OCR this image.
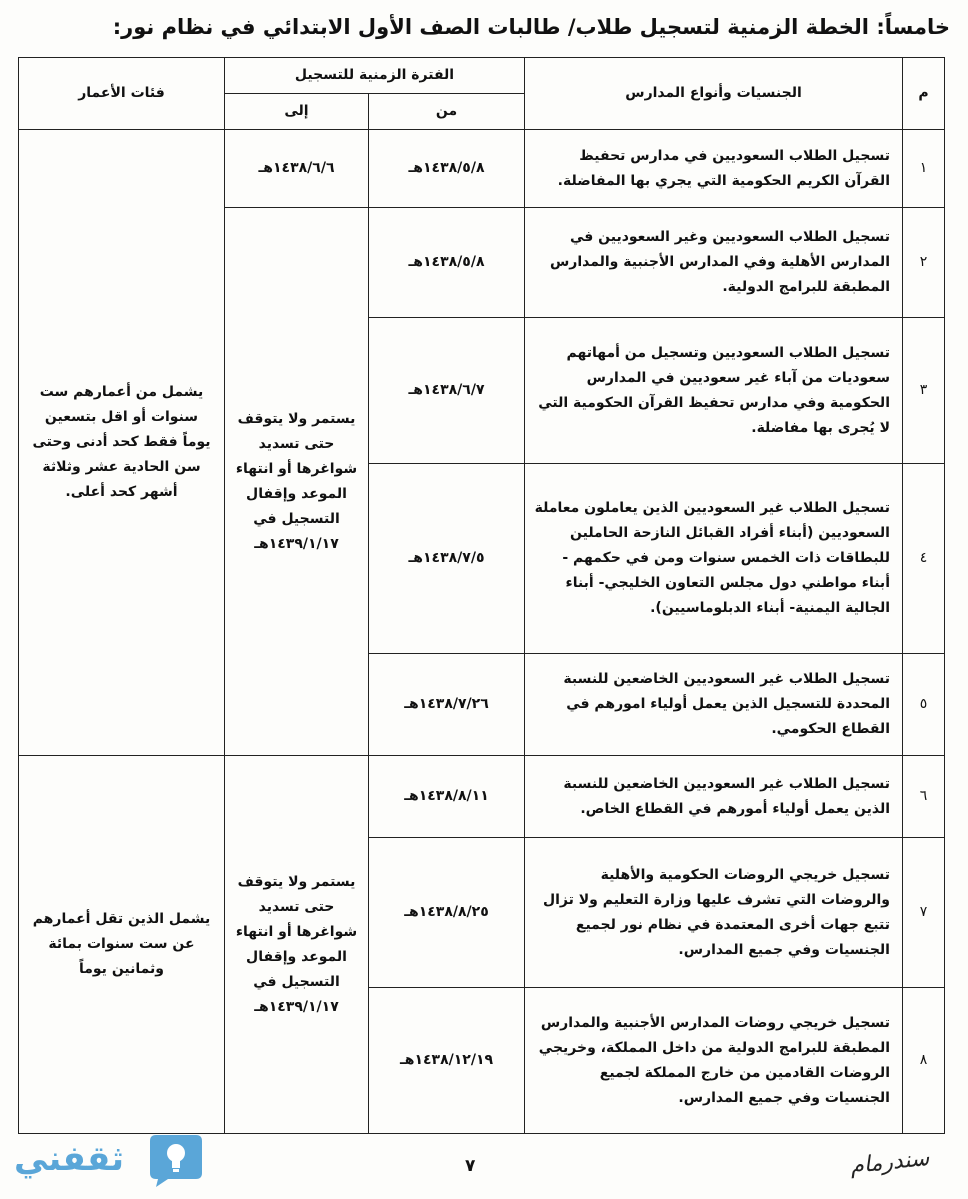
خامساً: الخطة الزمنية لتسجيل طلاب/ طالبات الصف الأول الابتدائي في نظام نور:
م	الجنسيات وأنواع المدارس	الفترة الزمنية للتسجيل		فئات الأعمار
		من	إلى	
١	تسجيل الطلاب السعوديين في مدارس تحفيظ القرآن الكريم الحكومية التي يجري بها المفاضلة.	١٤٣٨/٥/٨هـ	١٤٣٨/٦/٦هـ	يشمل من أعمارهم ست سنوات أو اقل بتسعين يوماً فقط كحد أدنى وحتى سن الحادية عشر وثلاثة أشهر كحد أعلى.
٢	تسجيل الطلاب السعوديين وغير السعوديين في المدارس الأهلية وفي المدارس الأجنبية والمدارس المطبقة للبرامج الدولية.	١٤٣٨/٥/٨هـ	يستمر ولا يتوقف حتى تسديد شواغرها أو انتهاء الموعد وإقفال التسجيل في ١٤٣٩/١/١٧هـ	
٣	تسجيل الطلاب السعوديين وتسجيل من أمهاتهم سعوديات من آباء غير سعوديين في المدارس الحكومية وفي مدارس تحفيظ القرآن الحكومية التي لا يُجرى بها مفاضلة.	١٤٣٨/٦/٧هـ		
٤	تسجيل الطلاب غير السعوديين الذين يعاملون معاملة السعوديين (أبناء أفراد القبائل النازحة الحاملين للبطاقات ذات الخمس سنوات ومن في حكمهم - أبناء مواطني دول مجلس التعاون الخليجي- أبناء الجالية اليمنية- أبناء الدبلوماسيين).	١٤٣٨/٧/٥هـ		
٥	تسجيل الطلاب غير السعوديين الخاضعين للنسبة المحددة للتسجيل الذين يعمل أولياء امورهم في القطاع الحكومي.	١٤٣٨/٧/٢٦هـ		
٦	تسجيل الطلاب غير السعوديين الخاضعين للنسبة الذين يعمل أولياء أمورهم في القطاع الخاص.	١٤٣٨/٨/١١هـ	يستمر ولا يتوقف حتى تسديد شواغرها أو انتهاء الموعد وإقفال التسجيل في ١٤٣٩/١/١٧هـ	يشمل الذين تقل أعمارهم عن ست سنوات بمائة وثمانين يوماً
٧	تسجيل خريجي الروضات الحكومية والأهلية والروضات التي تشرف عليها وزارة التعليم ولا تزال تتبع جهات أخرى المعتمدة في نظام نور لجميع الجنسيات وفي جميع المدارس.	١٤٣٨/٨/٢٥هـ		
٨	تسجيل خريجي روضات المدارس الأجنبية والمدارس المطبقة للبرامج الدولية من داخل المملكة، وخريجي الروضات القادمين من خارج المملكة لجميع الجنسيات وفي جميع المدارس.	١٤٣٨/١٢/١٩هـ		
٧	سندرمام
ثقفني
